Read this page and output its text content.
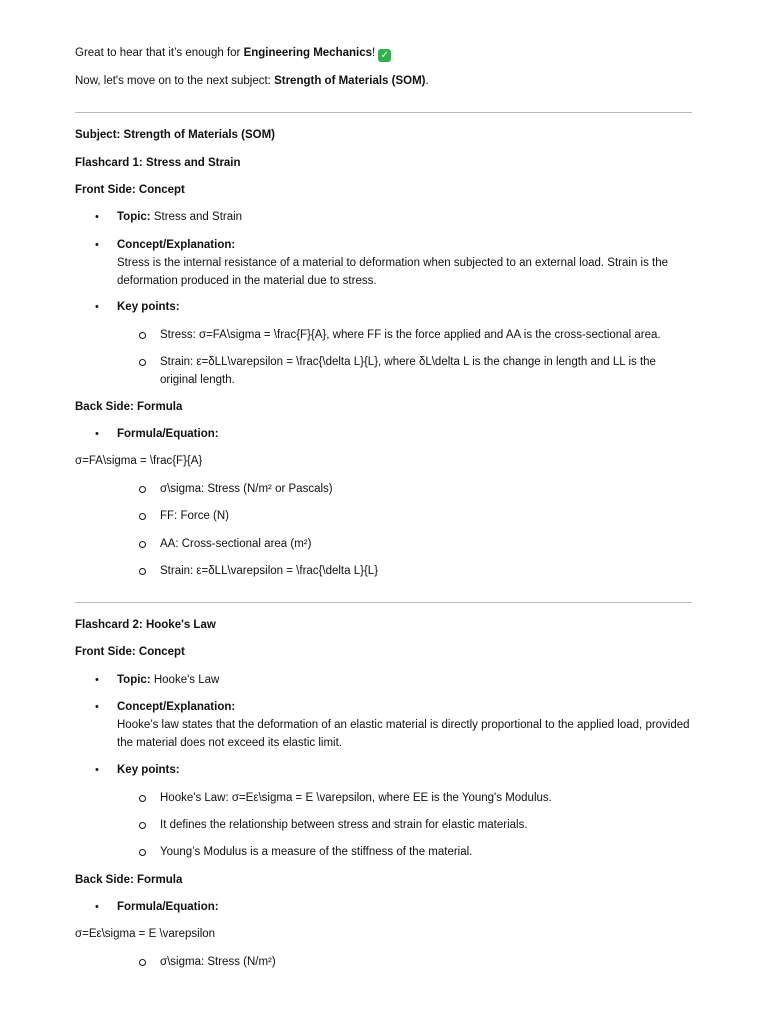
Great to hear that it’s enough for Engineering Mechanics! ✓
Now, let's move on to the next subject: Strength of Materials (SOM).
Subject: Strength of Materials (SOM)
Flashcard 1: Stress and Strain
Front Side: Concept
• Topic: Stress and Strain
• Concept/Explanation:
Stress is the internal resistance of a material to deformation when subjected to an external load. Strain is the deformation produced in the material due to stress.
• Key points:
Stress: σ=FA\sigma = \frac{F}{A}, where FF is the force applied and AA is the cross-sectional area.
Strain: ε=δLL\varepsilon = \frac{\delta L}{L}, where δL\delta L is the change in length and LL is the original length.
Back Side: Formula
• Formula/Equation:
σ=FA\sigma = \frac{F}{A}
σ\sigma: Stress (N/m² or Pascals)
FF: Force (N)
AA: Cross-sectional area (m²)
Strain: ε=δLL\varepsilon = \frac{\delta L}{L}
Flashcard 2: Hooke's Law
Front Side: Concept
• Topic: Hooke's Law
• Concept/Explanation:
Hooke’s law states that the deformation of an elastic material is directly proportional to the applied load, provided the material does not exceed its elastic limit.
• Key points:
Hooke's Law: σ=Eε\sigma = E \varepsilon, where EE is the Young's Modulus.
It defines the relationship between stress and strain for elastic materials.
Young’s Modulus is a measure of the stiffness of the material.
Back Side: Formula
• Formula/Equation:
σ=Eε\sigma = E \varepsilon
σ\sigma: Stress (N/m²)
